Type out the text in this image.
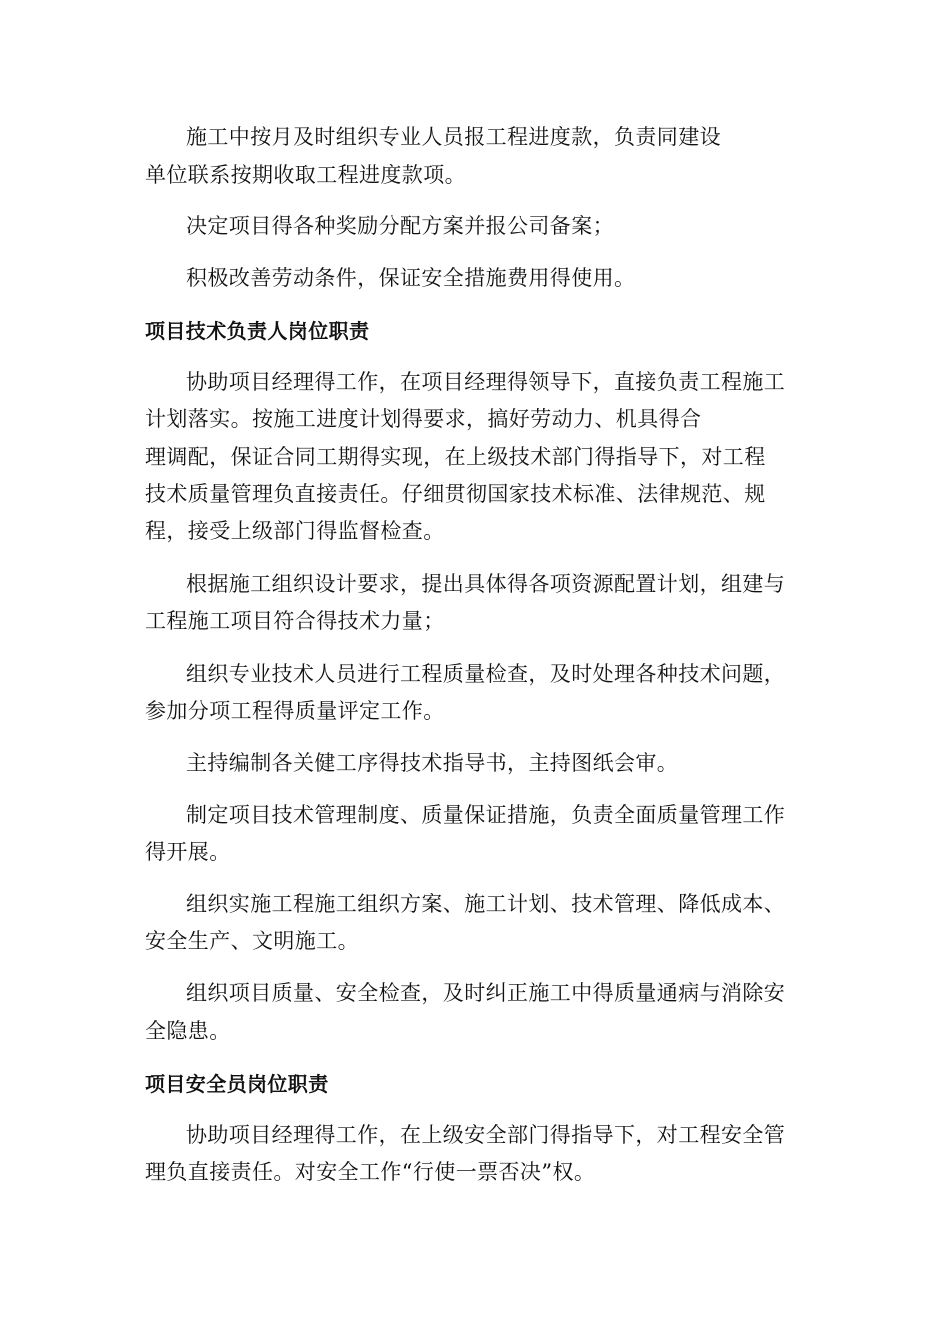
施工中按月及时组织专业人员报工程进度款，负责同建设
单位联系按期收取工程进度款项。
决定项目得各种奖励分配方案并报公司备案；
积极改善劳动条件，保证安全措施费用得使用。
项目技术负责人岗位职责
协助项目经理得工作，在项目经理得领导下，直接负责工程施工
计划落实。按施工进度计划得要求，搞好劳动力、机具得合
理调配，保证合同工期得实现，在上级技术部门得指导下，对工程
技术质量管理负直接责任。仔细贯彻国家技术标准、法律规范、规
程，接受上级部门得监督检查。
根据施工组织设计要求，提出具体得各项资源配置计划，组建与
工程施工项目符合得技术力量；
组织专业技术人员进行工程质量检查，及时处理各种技术问题，
参加分项工程得质量评定工作。
主持编制各关健工序得技术指导书，主持图纸会审。
制定项目技术管理制度、质量保证措施，负责全面质量管理工作
得开展。
组织实施工程施工组织方案、施工计划、技术管理、降低成本、
安全生产、文明施工。
组织项目质量、安全检查，及时纠正施工中得质量通病与消除安
全隐患。
项目安全员岗位职责
协助项目经理得工作，在上级安全部门得指导下，对工程安全管
理负直接责任。对安全工作“行使一票否决”权。
